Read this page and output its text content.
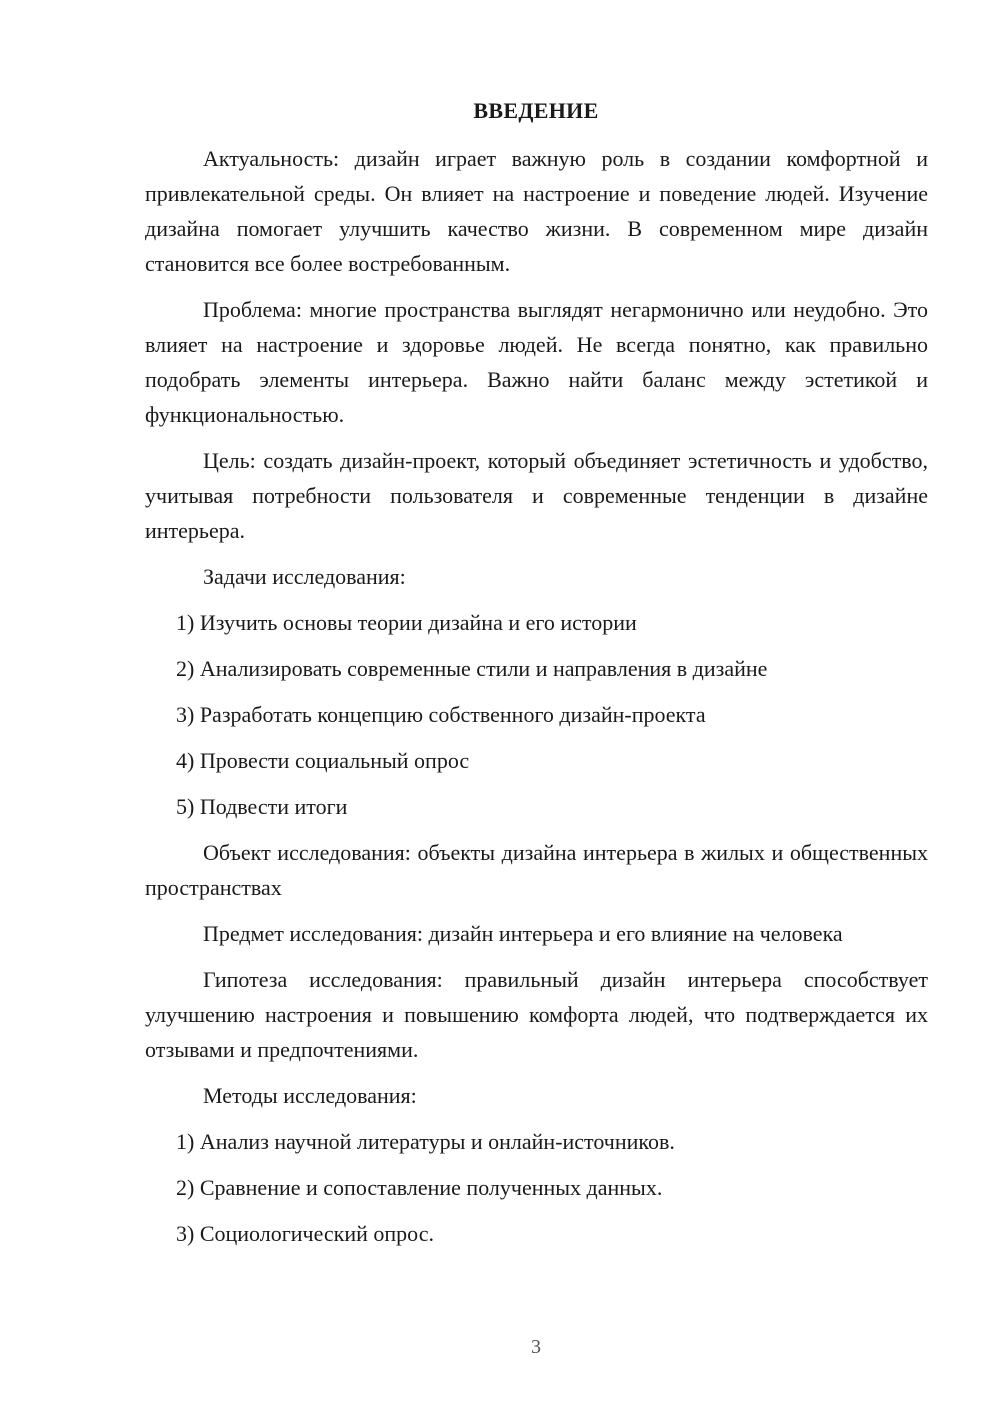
ВВЕДЕНИЕ

Актуальность: дизайн играет важную роль в создании комфортной и привлекательной среды. Он влияет на настроение и поведение людей. Изучение дизайна помогает улучшить качество жизни. В современном мире дизайн становится все более востребованным.

Проблема: многие пространства выглядят негармонично или неудобно. Это влияет на настроение и здоровье людей. Не всегда понятно, как правильно подобрать элементы интерьера. Важно найти баланс между эстетикой и функциональностью.

Цель: создать дизайн-проект, который объединяет эстетичность и удобство, учитывая потребности пользователя и современные тенденции в дизайне интерьера.

Задачи исследования:

1) Изучить основы теории дизайна и его истории

2) Анализировать современные стили и направления в дизайне

3) Разработать концепцию собственного дизайн-проекта

4) Провести социальный опрос

5) Подвести итоги

Объект исследования: объекты дизайна интерьера в жилых и общественных пространствах

Предмет исследования: дизайн интерьера и его влияние на человека

Гипотеза исследования: правильный дизайн интерьера способствует улучшению настроения и повышению комфорта людей, что подтверждается их отзывами и предпочтениями.

Методы исследования:

1) Анализ научной литературы и онлайн-источников.

2) Сравнение и сопоставление полученных данных.

3) Социологический опрос.

3
